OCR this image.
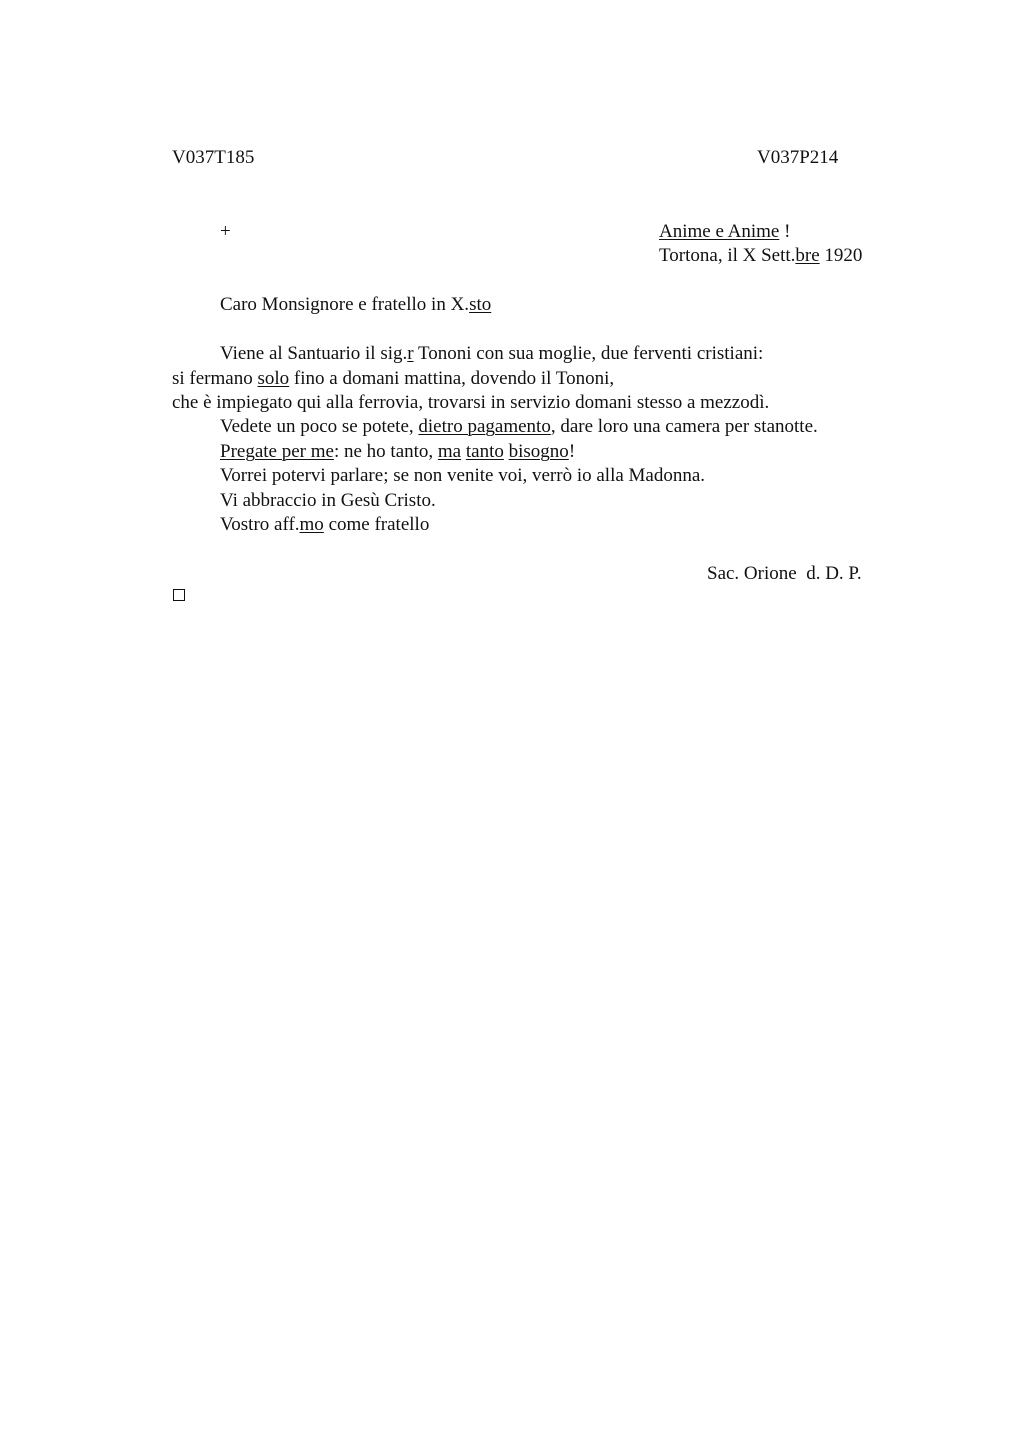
V037T185	V037P214
+	Anime e Anime !
Tortona, il X Sett.bre 1920
Caro Monsignore e fratello in X.sto
Viene al Santuario il sig.r Tononi con sua moglie, due ferventi cristiani:
si fermano solo fino a domani mattina, dovendo il Tononi,
che è impiegato qui alla ferrovia, trovarsi in servizio domani stesso a mezzodì.
Vedete un poco se potete, dietro pagamento, dare loro una camera per stanotte.
Pregate per me: ne ho tanto, ma tanto bisogno!
Vorrei potervi parlare; se non venite voi, verrò io alla Madonna.
Vi abbraccio in Gesù Cristo.
Vostro aff.mo come fratello
Sac. Orione  d. D. P.
